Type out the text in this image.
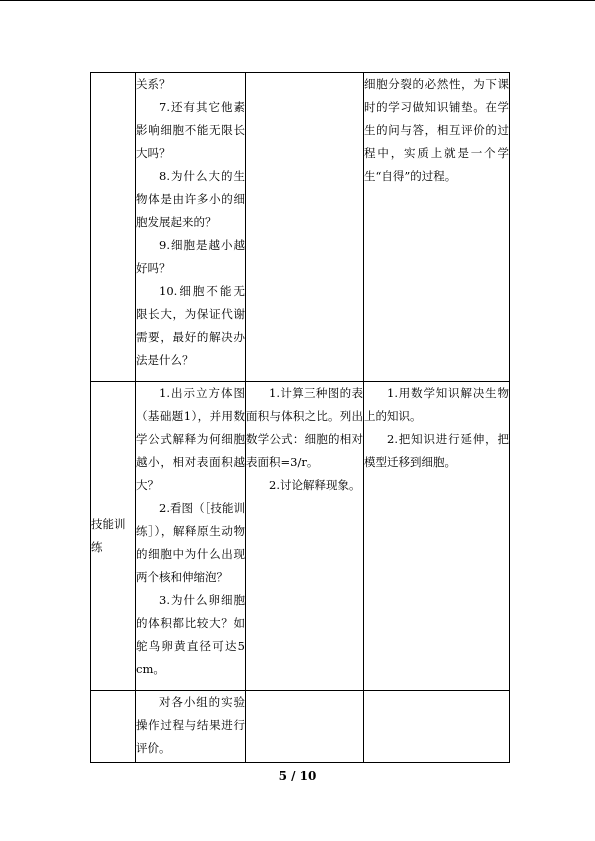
	关系？
7.还有其它他素影响细胞不能无限长大吗？
8.为什么大的生物体是由许多小的细胞发展起来的？
9.细胞是越小越好吗？
10.细胞不能无限长大，为保证代谢需要，最好的解决办法是什么？		细胞分裂的必然性，为下课时的学习做知识铺垫。在学生的问与答，相互评价的过程中，实质上就是一个学生“自得”的过程。

技能训练	1.出示立方体图（基础题1），并用数学公式解释为何细胞越小，相对表面积越大？
2.看图（［技能训练］），解释原生动物的细胞中为什么出现两个核和伸缩泡？
3.为什么卵细胞的体积都比较大？如鸵鸟卵黄直径可达5 cm。	1.计算三种图的表面积与体积之比。列出数学公式：细胞的相对表面积=3/r。
2.讨论解释现象。	1.用数学知识解决生物上的知识。
2.把知识进行延伸，把模型迁移到细胞。

	对各小组的实验操作过程与结果进行评价。		

5 / 10
